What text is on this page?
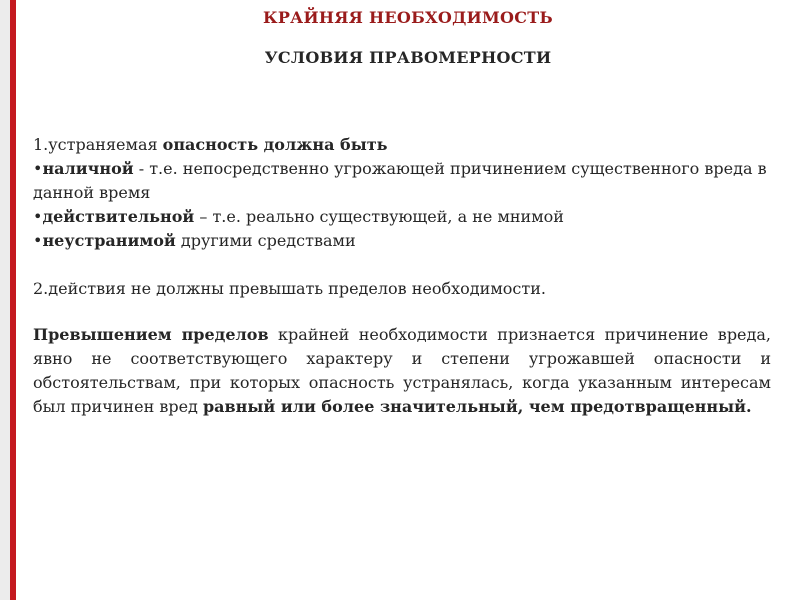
КРАЙНЯЯ НЕОБХОДИМОСТЬ
УСЛОВИЯ ПРАВОМЕРНОСТИ

1.устраняемая опасность должна быть

•наличной - т.е. непосредственно угрожающей причинением существенного вреда в данной время

•действительной – т.е. реально существующей, а не мнимой

•неустранимой другими средствами

2.действия не должны превышать пределов необходимости.

Превышением пределов крайней необходимости признается причинение вреда, явно не соответствующего характеру и степени угрожавшей опасности и обстоятельствам, при которых опасность устранялась, когда указанным интересам был причинен вред равный или более значительный, чем предотвращенный.
